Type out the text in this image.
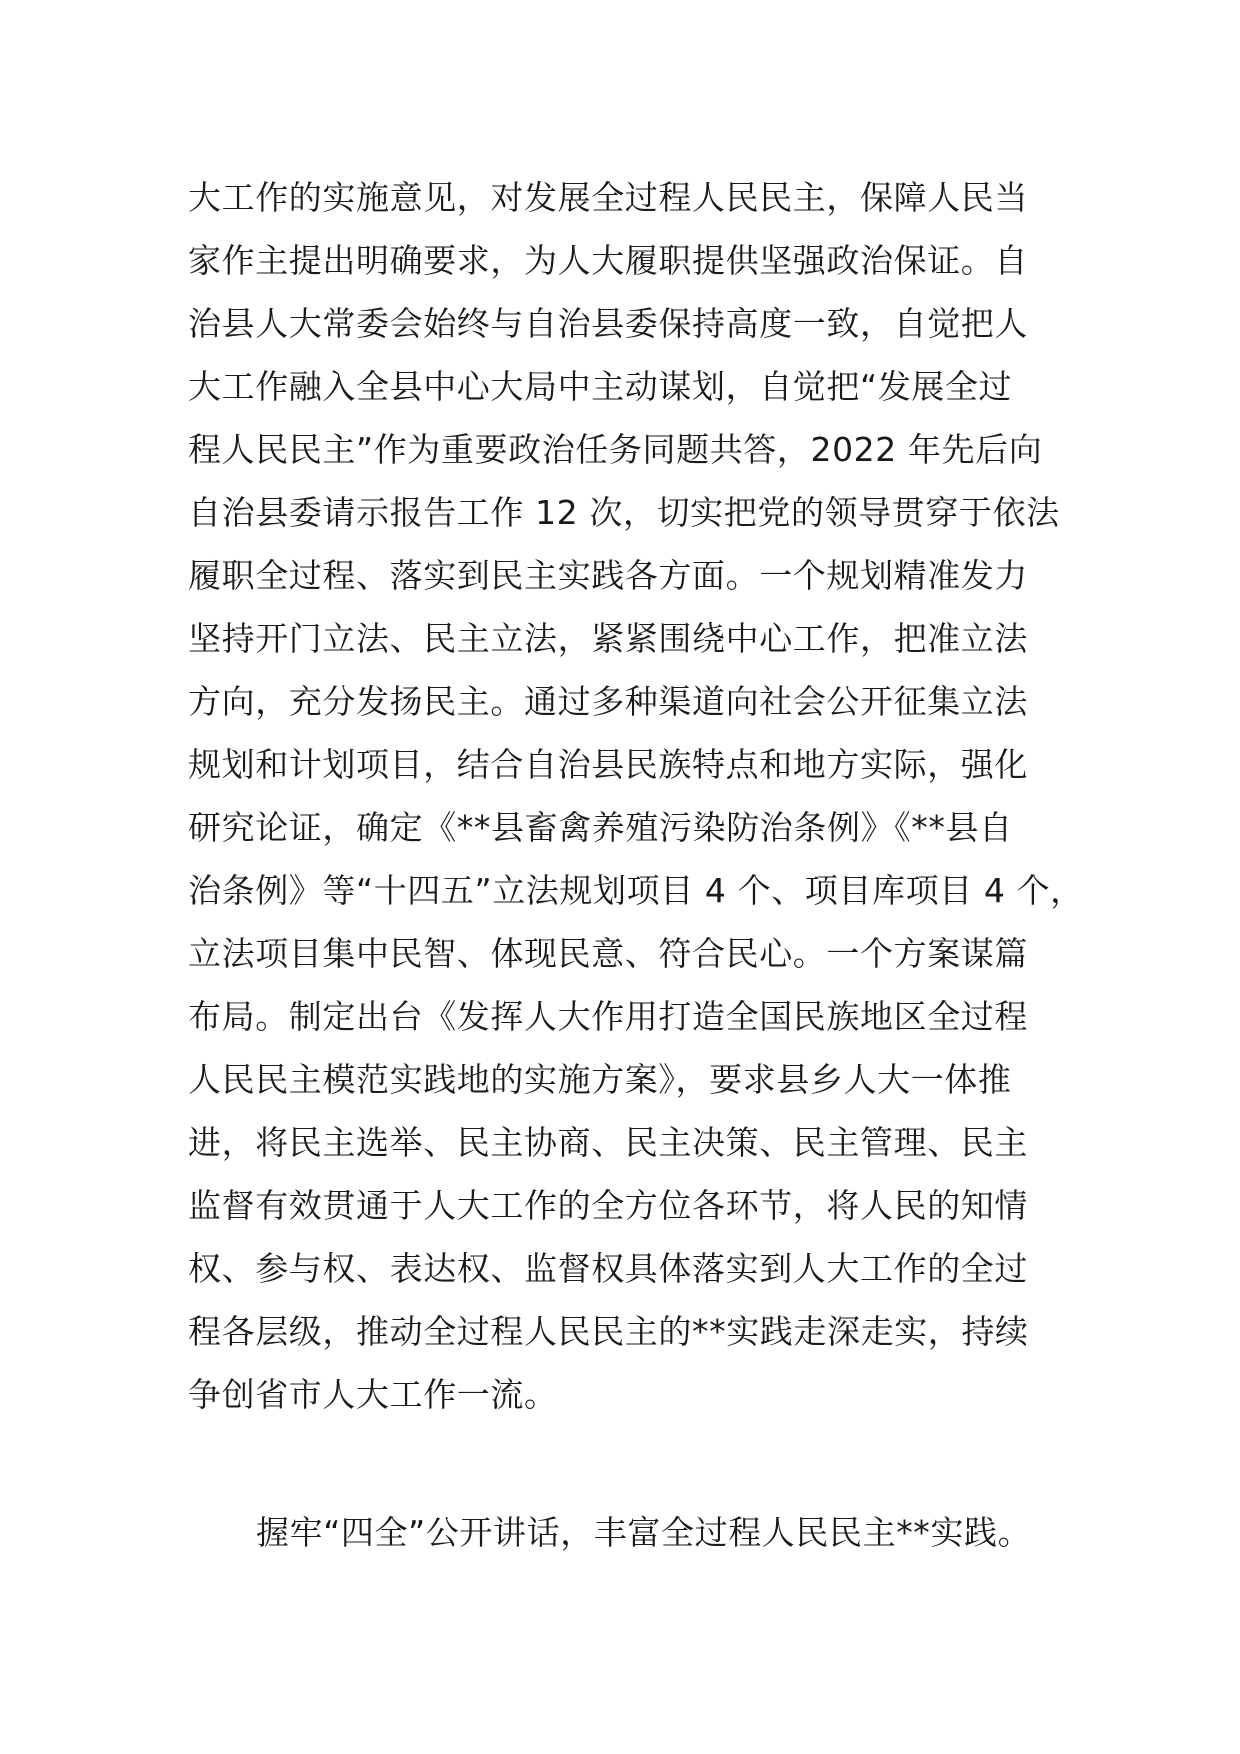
大工作的实施意见，对发展全过程人民民主，保障人民当
家作主提出明确要求，为人大履职提供坚强政治保证。自
治县人大常委会始终与自治县委保持高度一致，自觉把人
大工作融入全县中心大局中主动谋划，自觉把“发展全过
程人民民主”作为重要政治任务同题共答，2022 年先后向
自治县委请示报告工作 12 次，切实把党的领导贯穿于依法
履职全过程、落实到民主实践各方面。一个规划精准发力
坚持开门立法、民主立法，紧紧围绕中心工作，把准立法
方向，充分发扬民主。通过多种渠道向社会公开征集立法
规划和计划项目，结合自治县民族特点和地方实际，强化
研究论证，确定《**县畜禽养殖污染防治条例》《**县自
治条例》等“十四五”立法规划项目 4 个、项目库项目 4 个，
立法项目集中民智、体现民意、符合民心。一个方案谋篇
布局。制定出台《发挥人大作用打造全国民族地区全过程
人民民主模范实践地的实施方案》，要求县乡人大一体推
进，将民主选举、民主协商、民主决策、民主管理、民主
监督有效贯通于人大工作的全方位各环节，将人民的知情
权、参与权、表达权、监督权具体落实到人大工作的全过
程各层级，推动全过程人民民主的**实践走深走实，持续
争创省市人大工作一流。
握牢“四全”公开讲话，丰富全过程人民民主**实践。
